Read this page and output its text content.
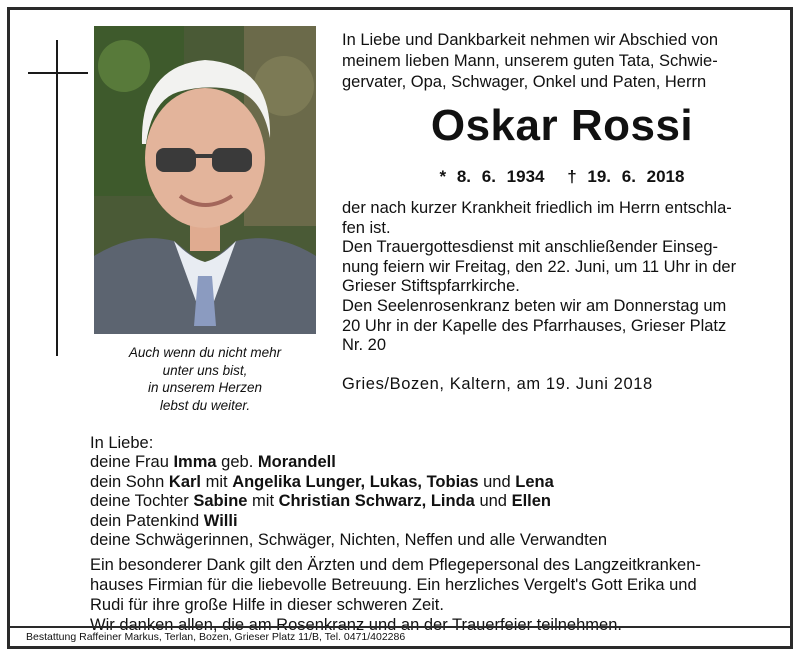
Auch wenn du nicht mehr
unter uns bist,
in unserem Herzen
lebst du weiter.
In Liebe und Dankbarkeit nehmen wir Abschied von
meinem lieben Mann, unserem guten Tata, Schwie-
gervater, Opa, Schwager, Onkel und Paten, Herrn
Oskar Rossi
* 8. 6. 1934 † 19. 6. 2018
der nach kurzer Krankheit friedlich im Herrn entschla-
fen ist.
Den Trauergottesdienst mit anschließender Einseg-
nung feiern wir Freitag, den 22. Juni, um 11 Uhr in der
Grieser Stiftspfarrkirche.
Den Seelenrosenkranz beten wir am Donnerstag um
20 Uhr in der Kapelle des Pfarrhauses, Grieser Platz
Nr. 20
Gries/Bozen, Kaltern, am 19. Juni 2018
In Liebe:
deine Frau Imma geb. Morandell
dein Sohn Karl mit Angelika Lunger, Lukas, Tobias und Lena
deine Tochter Sabine mit Christian Schwarz, Linda und Ellen
dein Patenkind Willi
deine Schwägerinnen, Schwäger, Nichten, Neffen und alle Verwandten
Ein besonderer Dank gilt den Ärzten und dem Pflegepersonal des Langzeitkranken-
hauses Firmian für die liebevolle Betreuung. Ein herzliches Vergelt's Gott Erika und
Rudi für ihre große Hilfe in dieser schweren Zeit.
Wir danken allen, die am Rosenkranz und an der Trauerfeier teilnehmen.
Bestattung Raffeiner Markus, Terlan, Bozen, Grieser Platz 11/B, Tel. 0471/402286
